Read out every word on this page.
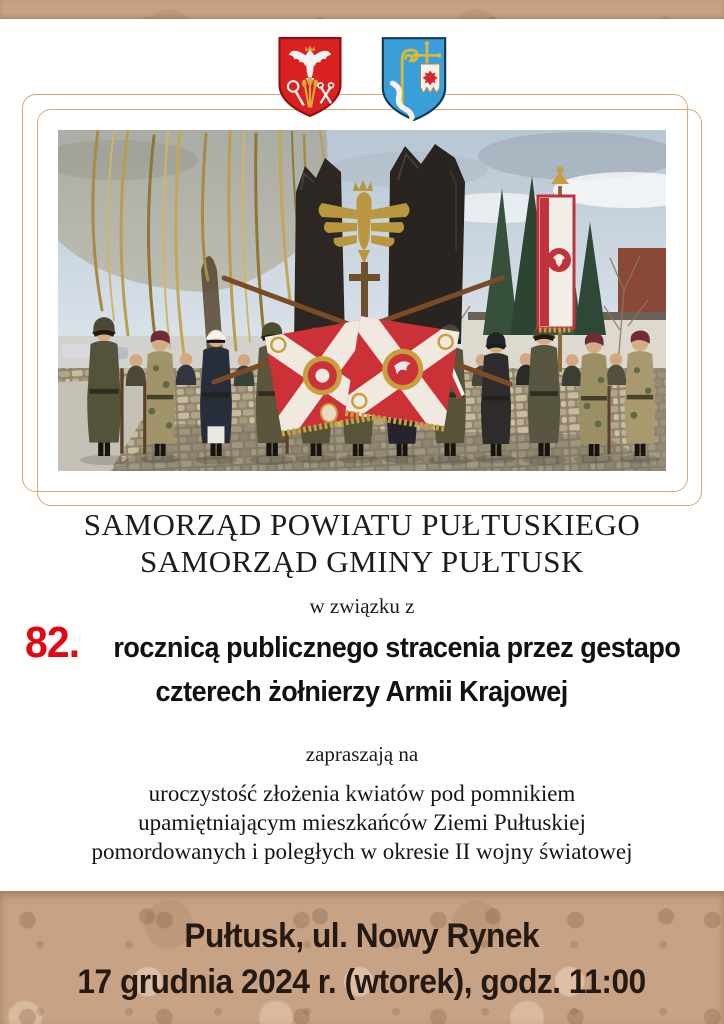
SAMORZĄD POWIATU PUŁTUSKIEGO
SAMORZĄD GMINY PUŁTUSK
w związku z
82. rocznicą publicznego stracenia przez gestapo
czterech żołnierzy Armii Krajowej
zapraszają na
uroczystość złożenia kwiatów pod pomnikiem
upamiętniającym mieszkańców Ziemi Pułtuskiej
pomordowanych i poległych w okresie II wojny światowej
Pułtusk, ul. Nowy Rynek
17 grudnia 2024 r. (wtorek), godz. 11:00
